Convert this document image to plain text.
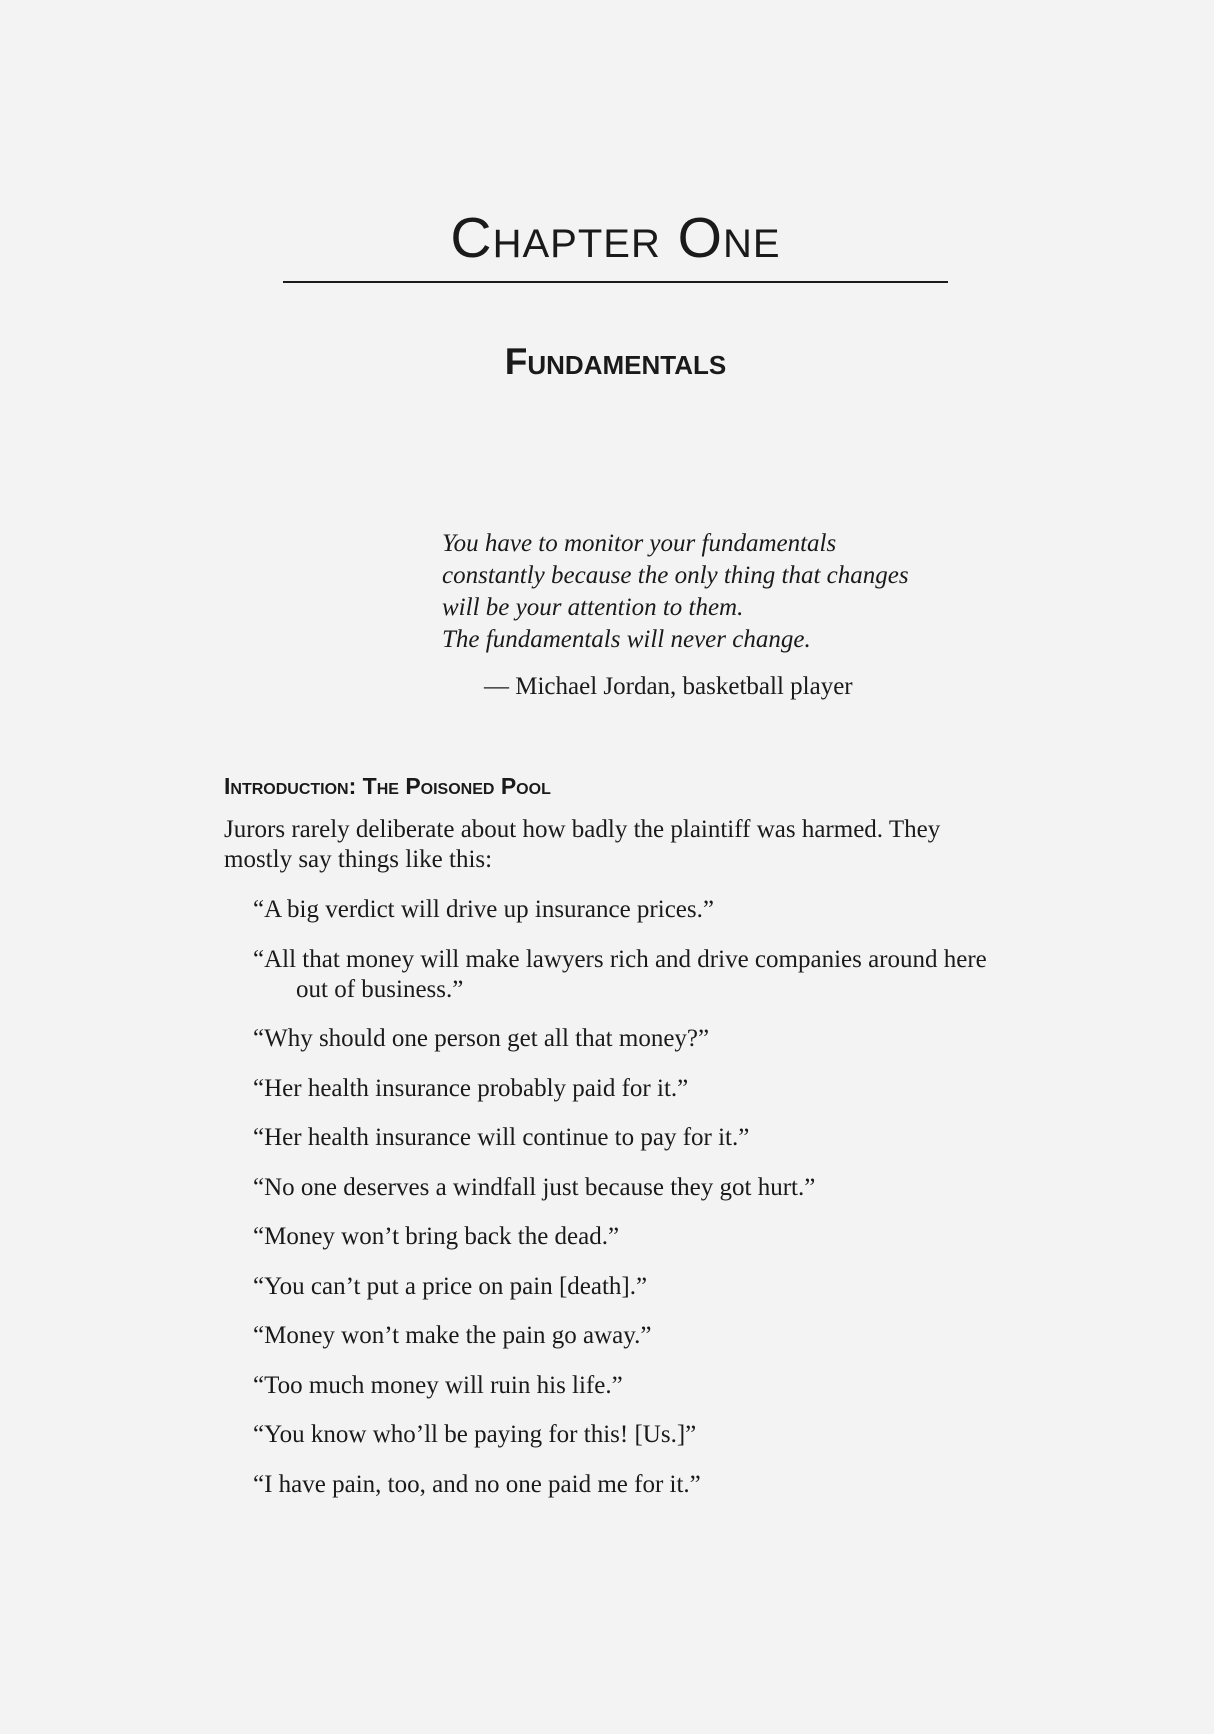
Chapter One
Fundamentals
You have to monitor your fundamentals
constantly because the only thing that changes
will be your attention to them.
The fundamentals will never change.
— Michael Jordan, basketball player
Introduction: The Poisoned Pool

Jurors rarely deliberate about how badly the plaintiff was harmed. They mostly say things like this:

“A big verdict will drive up insurance prices.”
“All that money will make lawyers rich and drive companies around here out of business.”
“Why should one person get all that money?”
“Her health insurance probably paid for it.”
“Her health insurance will continue to pay for it.”
“No one deserves a windfall just because they got hurt.”
“Money won’t bring back the dead.”
“You can’t put a price on pain [death].”
“Money won’t make the pain go away.”
“Too much money will ruin his life.”
“You know who’ll be paying for this! [Us.]”
“I have pain, too, and no one paid me for it.”
